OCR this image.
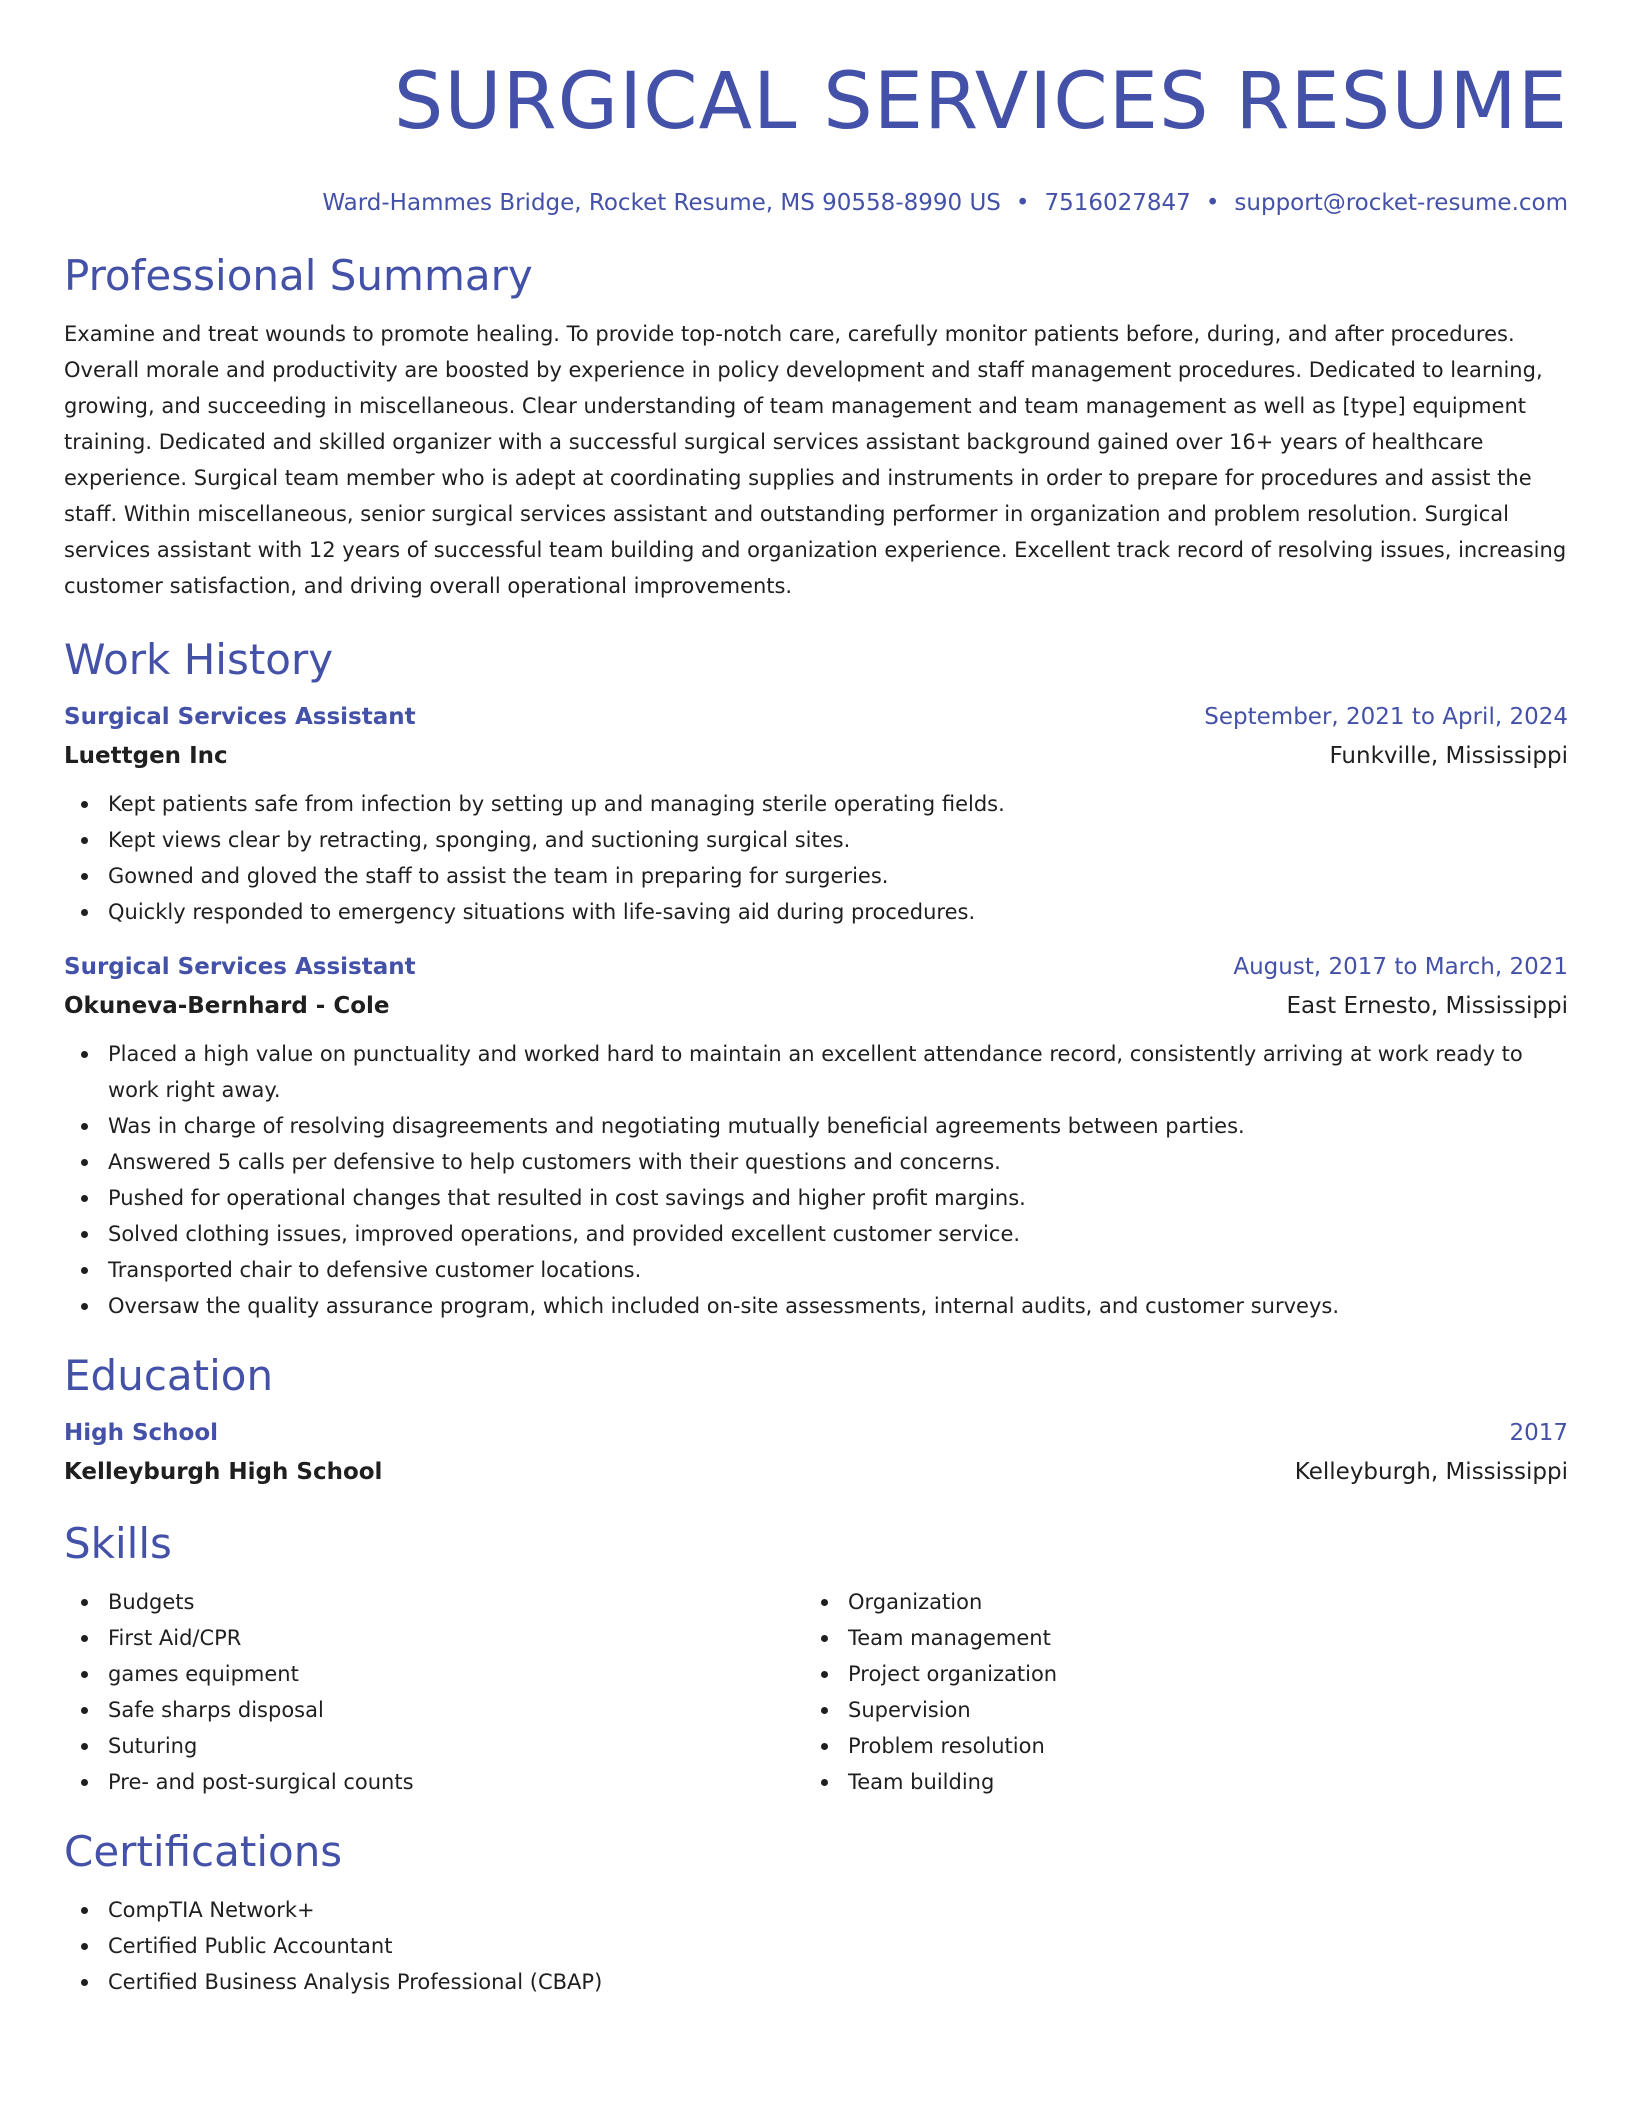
SURGICAL SERVICES RESUME
Ward-Hammes Bridge, Rocket Resume, MS 90558-8990 US • 7516027847 • support@rocket-resume.com
Professional Summary

Examine and treat wounds to promote healing. To provide top-notch care, carefully monitor patients before, during, and after procedures. Overall morale and productivity are boosted by experience in policy development and staff management procedures. Dedicated to learning, growing, and succeeding in miscellaneous. Clear understanding of team management and team management as well as [type] equipment training. Dedicated and skilled organizer with a successful surgical services assistant background gained over 16+ years of healthcare experience. Surgical team member who is adept at coordinating supplies and instruments in order to prepare for procedures and assist the staff. Within miscellaneous, senior surgical services assistant and outstanding performer in organization and problem resolution. Surgical services assistant with 12 years of successful team building and organization experience. Excellent track record of resolving issues, increasing customer satisfaction, and driving overall operational improvements.

Work History
Surgical Services Assistant	September, 2021 to April, 2024
Luettgen Inc	Funkville, Mississippi
Kept patients safe from infection by setting up and managing sterile operating fields.
Kept views clear by retracting, sponging, and suctioning surgical sites.
Gowned and gloved the staff to assist the team in preparing for surgeries.
Quickly responded to emergency situations with life-saving aid during procedures.
Surgical Services Assistant	August, 2017 to March, 2021
Okuneva-Bernhard - Cole	East Ernesto, Mississippi
Placed a high value on punctuality and worked hard to maintain an excellent attendance record, consistently arriving at work ready to work right away.
Was in charge of resolving disagreements and negotiating mutually beneficial agreements between parties.
Answered 5 calls per defensive to help customers with their questions and concerns.
Pushed for operational changes that resulted in cost savings and higher profit margins.
Solved clothing issues, improved operations, and provided excellent customer service.
Transported chair to defensive customer locations.
Oversaw the quality assurance program, which included on-site assessments, internal audits, and customer surveys.
Education
High School	2017
Kelleyburgh High School	Kelleyburgh, Mississippi
Skills
Budgets
First Aid/CPR
games equipment
Safe sharps disposal
Suturing
Pre- and post-surgical counts
Organization
Team management
Project organization
Supervision
Problem resolution
Team building
Certifications
CompTIA Network+
Certified Public Accountant
Certified Business Analysis Professional (CBAP)
